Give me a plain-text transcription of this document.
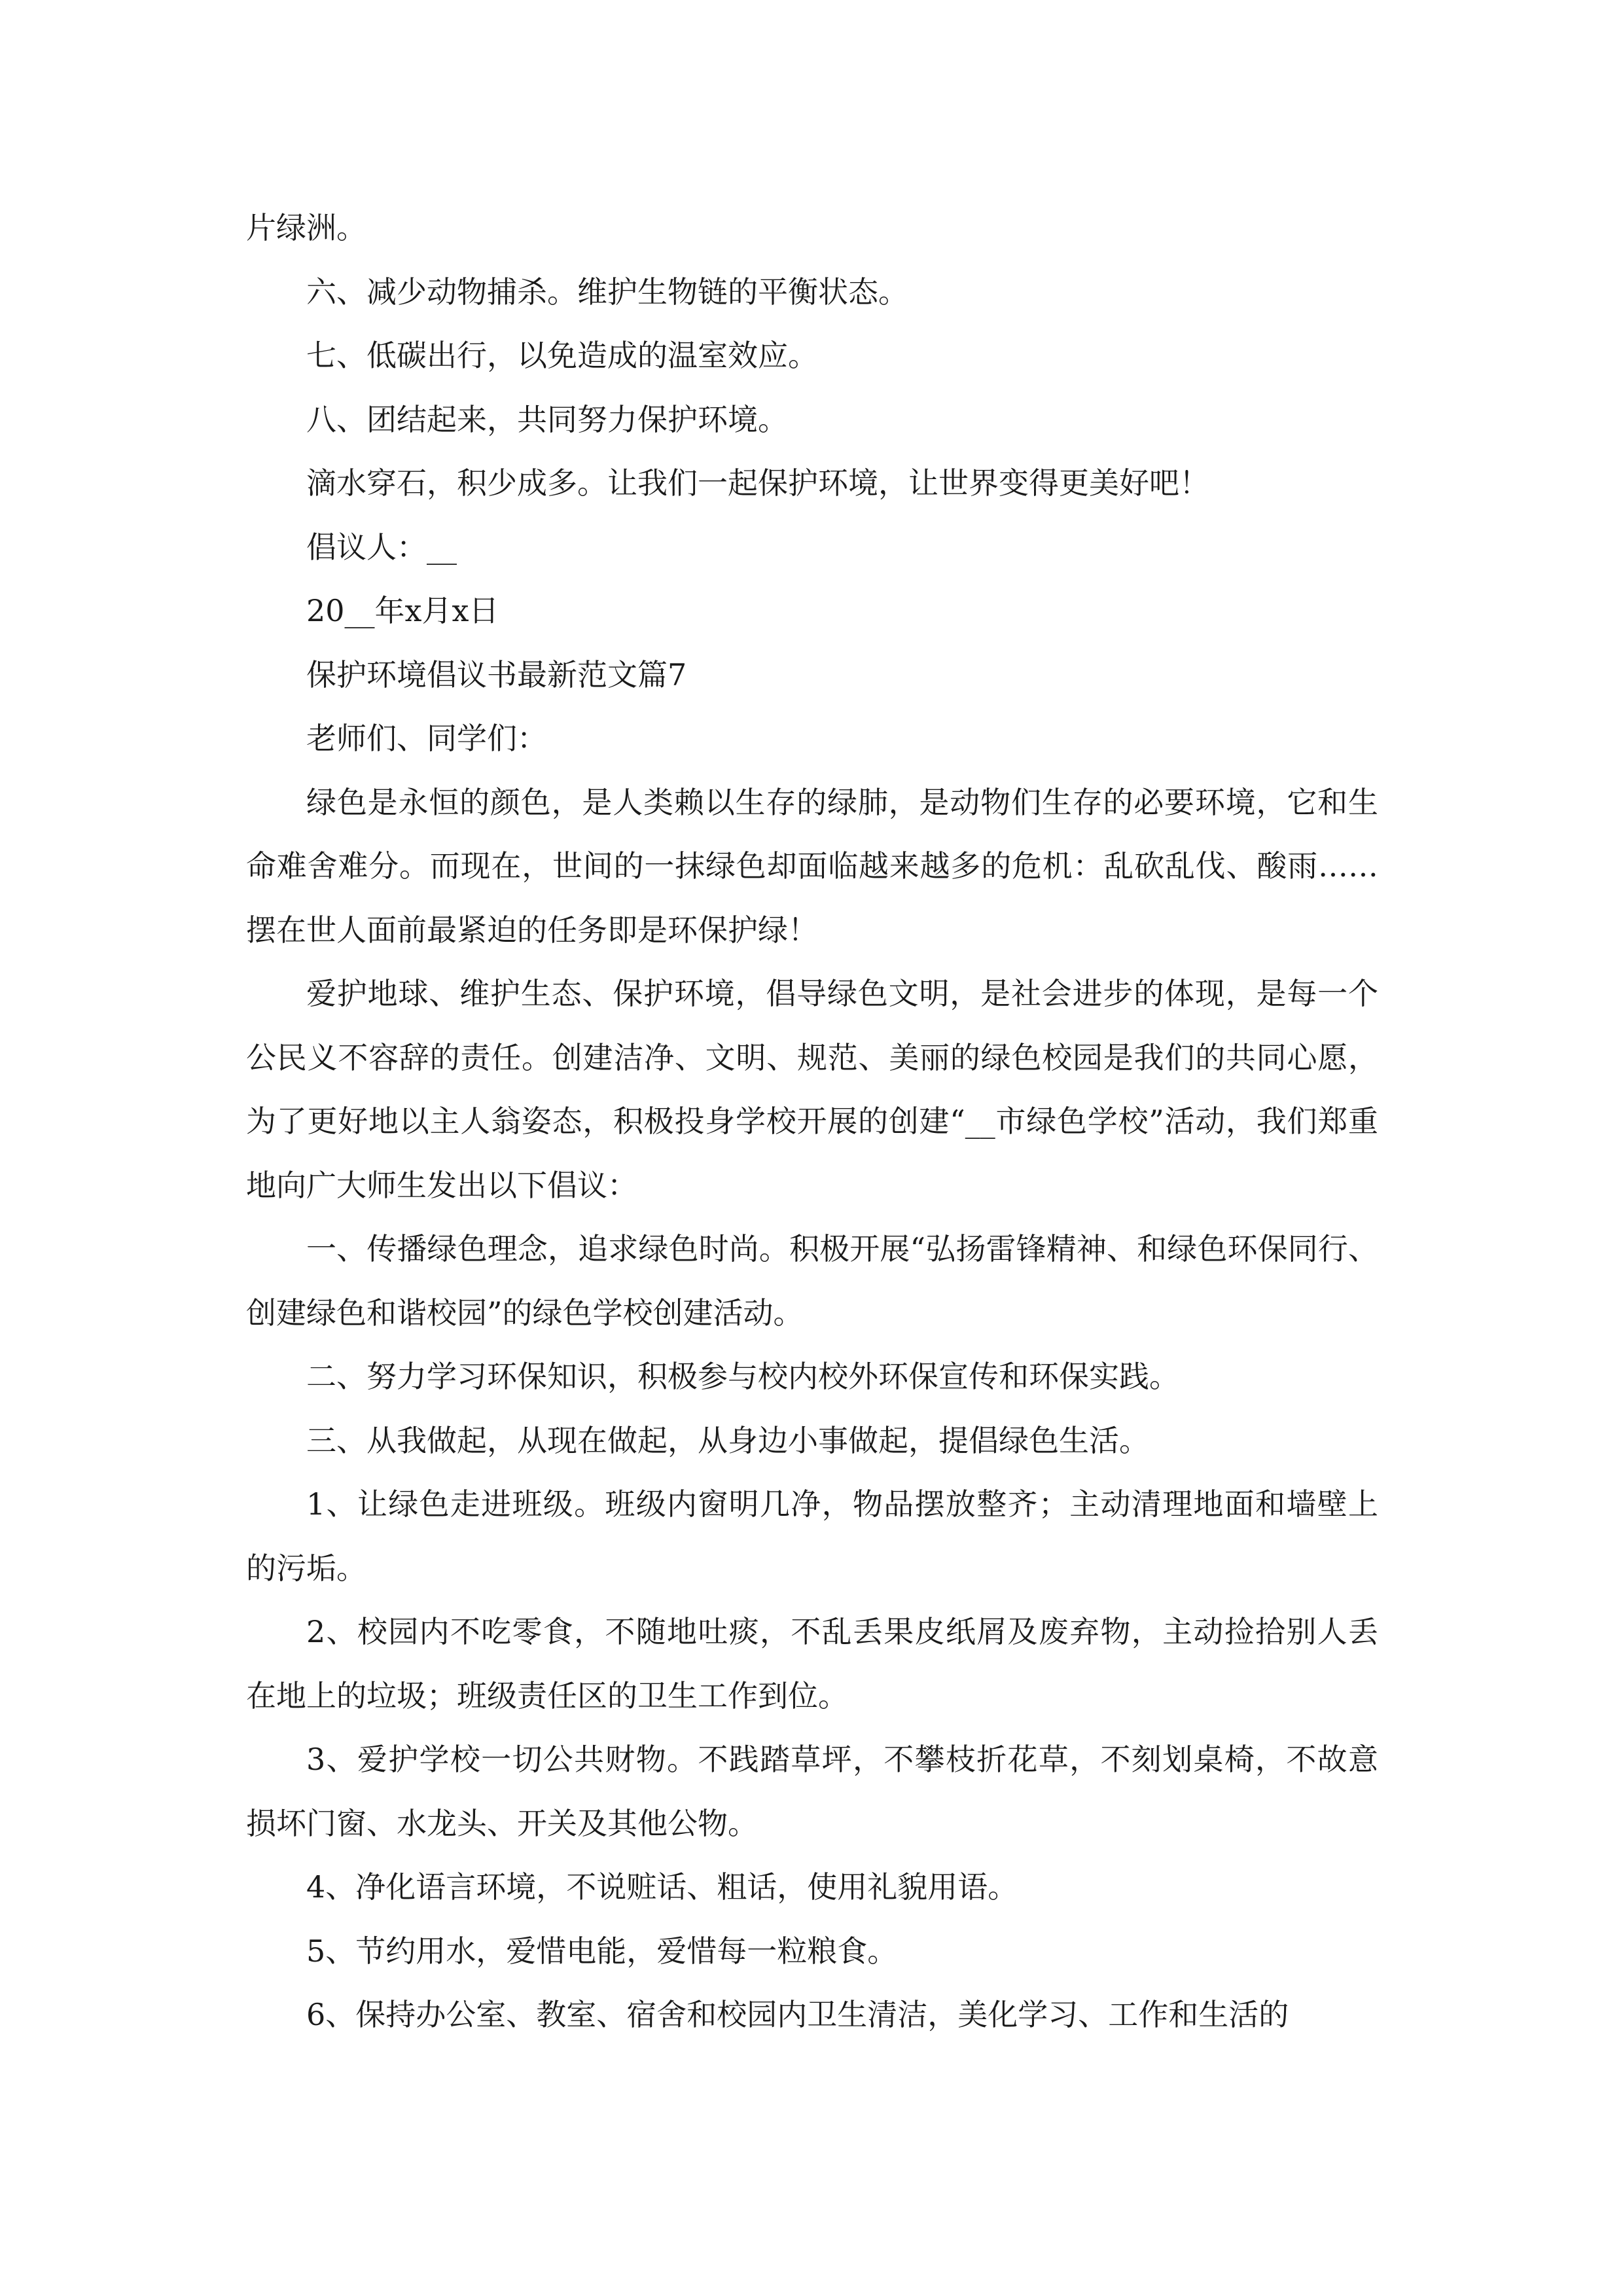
片绿洲。

六、减少动物捕杀。维护生物链的平衡状态。

七、低碳出行，以免造成的温室效应。

八、团结起来，共同努力保护环境。

滴水穿石，积少成多。让我们一起保护环境，让世界变得更美好吧！

倡议人：__

20__年x月x日

保护环境倡议书最新范文篇7

老师们、同学们：

绿色是永恒的颜色，是人类赖以生存的绿肺，是动物们生存的必要环境，它和生命难舍难分。而现在，世间的一抹绿色却面临越来越多的危机：乱砍乱伐、酸雨……摆在世人面前最紧迫的任务即是环保护绿！

爱护地球、维护生态、保护环境，倡导绿色文明，是社会进步的体现，是每一个公民义不容辞的责任。创建洁净、文明、规范、美丽的绿色校园是我们的共同心愿，为了更好地以主人翁姿态，积极投身学校开展的创建“__市绿色学校”活动，我们郑重地向广大师生发出以下倡议：

一、传播绿色理念，追求绿色时尚。积极开展“弘扬雷锋精神、和绿色环保同行、创建绿色和谐校园”的绿色学校创建活动。

二、努力学习环保知识，积极参与校内校外环保宣传和环保实践。

三、从我做起，从现在做起，从身边小事做起，提倡绿色生活。

1、让绿色走进班级。班级内窗明几净，物品摆放整齐；主动清理地面和墙壁上的污垢。

2、校园内不吃零食，不随地吐痰，不乱丢果皮纸屑及废弃物，主动捡拾别人丢在地上的垃圾；班级责任区的卫生工作到位。

3、爱护学校一切公共财物。不践踏草坪，不攀枝折花草，不刻划桌椅，不故意损坏门窗、水龙头、开关及其他公物。

4、净化语言环境，不说赃话、粗话，使用礼貌用语。

5、节约用水，爱惜电能，爱惜每一粒粮食。

6、保持办公室、教室、宿舍和校园内卫生清洁，美化学习、工作和生活的
